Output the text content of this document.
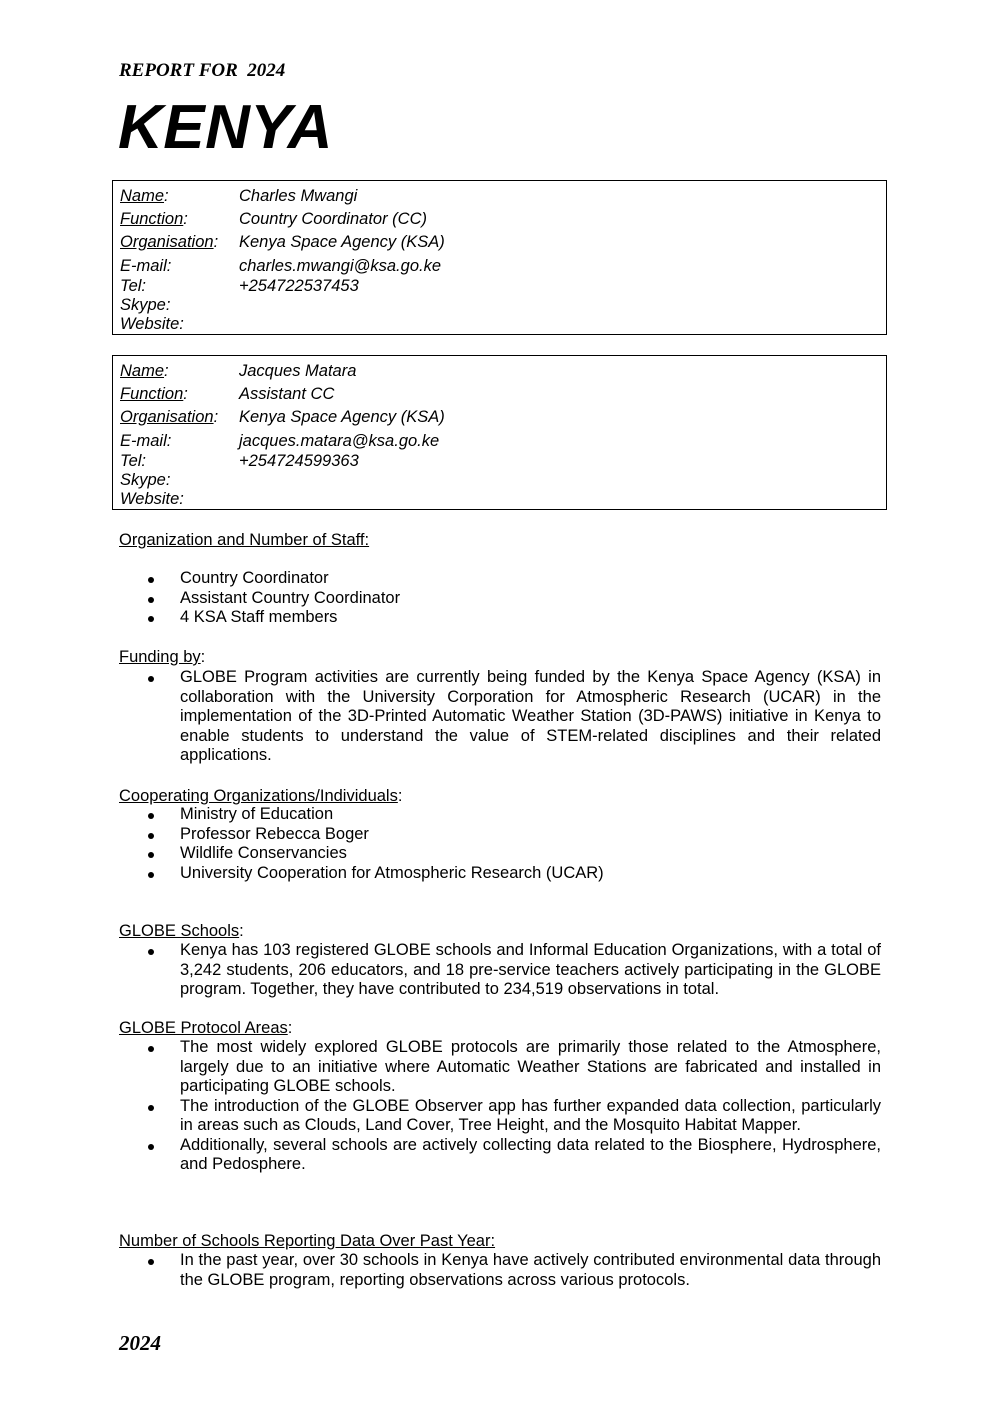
REPORT FOR  2024
KENYA
Name:	Charles Mwangi
Function:	Country Coordinator (CC)
Organisation: Kenya Space Agency (KSA)
E-mail:	charles.mwangi@ksa.go.ke
Tel:	+254722537453
Skype:
Website:
Name:	Jacques Matara
Function:	Assistant CC
Organisation: Kenya Space Agency (KSA)
E-mail:	jacques.matara@ksa.go.ke
Tel:	+254724599363
Skype:
Website:
Organization and Number of Staff:
Country Coordinator
Assistant Country Coordinator
4 KSA Staff members
Funding by:
GLOBE Program activities are currently being funded by the Kenya Space Agency (KSA) in collaboration with the University Corporation for Atmospheric Research (UCAR) in the implementation of the 3D-Printed Automatic Weather Station (3D-PAWS) initiative in Kenya to enable students to understand the value of STEM-related disciplines and their related applications.
Cooperating Organizations/Individuals:
Ministry of Education
Professor Rebecca Boger
Wildlife Conservancies
University Cooperation for Atmospheric Research (UCAR)
GLOBE Schools:
Kenya has 103 registered GLOBE schools and Informal Education Organizations, with a total of 3,242 students, 206 educators, and 18 pre-service teachers actively participating in the GLOBE program. Together, they have contributed to 234,519 observations in total.
GLOBE Protocol Areas:
The most widely explored GLOBE protocols are primarily those related to the Atmosphere, largely due to an initiative where Automatic Weather Stations are fabricated and installed in participating GLOBE schools.
The introduction of the GLOBE Observer app has further expanded data collection, particularly in areas such as Clouds, Land Cover, Tree Height, and the Mosquito Habitat Mapper.
Additionally, several schools are actively collecting data related to the Biosphere, Hydrosphere, and Pedosphere.
Number of Schools Reporting Data Over Past Year:
In the past year, over 30 schools in Kenya have actively contributed environmental data through the GLOBE program, reporting observations across various protocols.
2024
